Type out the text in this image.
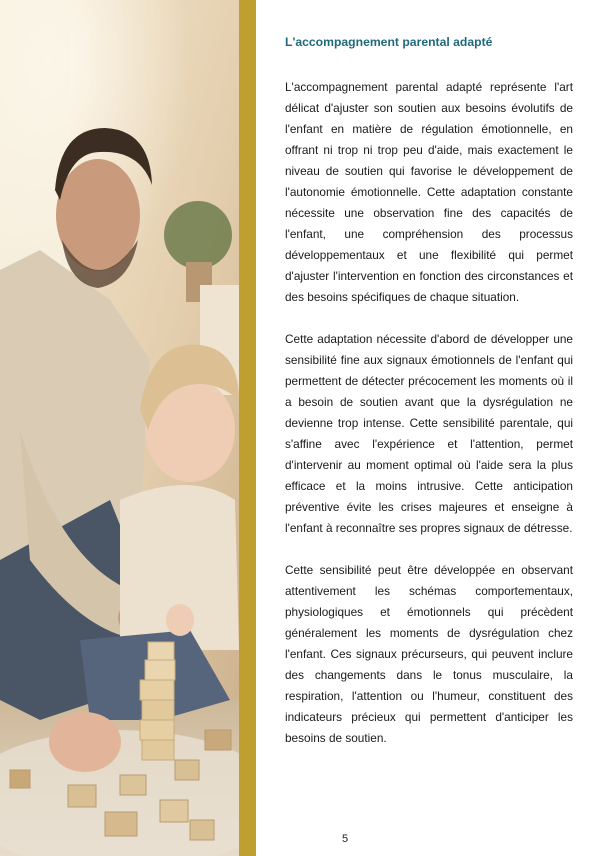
L'accompagnement parental adapté

L'accompagnement parental adapté représente l'art délicat d'ajuster son soutien aux besoins évolutifs de l'enfant en matière de régulation émotionnelle, en offrant ni trop ni trop peu d'aide, mais exactement le niveau de soutien qui favorise le développement de l'autonomie émotionnelle. Cette adaptation constante nécessite une observation fine des capacités de l'enfant, une compréhension des processus développementaux et une flexibilité qui permet d'ajuster l'intervention en fonction des circonstances et des besoins spécifiques de chaque situation.

Cette adaptation nécessite d'abord de développer une sensibilité fine aux signaux émotionnels de l'enfant qui permettent de détecter précocement les moments où il a besoin de soutien avant que la dysrégulation ne devienne trop intense. Cette sensibilité parentale, qui s'affine avec l'expérience et l'attention, permet d'intervenir au moment optimal où l'aide sera la plus efficace et la moins intrusive. Cette anticipation préventive évite les crises majeures et enseigne à l'enfant à reconnaître ses propres signaux de détresse.

Cette sensibilité peut être développée en observant attentivement les schémas comportementaux, physiologiques et émotionnels qui précèdent généralement les moments de dysrégulation chez l'enfant. Ces signaux précurseurs, qui peuvent inclure des changements dans le tonus musculaire, la respiration, l'attention ou l'humeur, constituent des indicateurs précieux qui permettent d'anticiper les besoins de soutien.

5
